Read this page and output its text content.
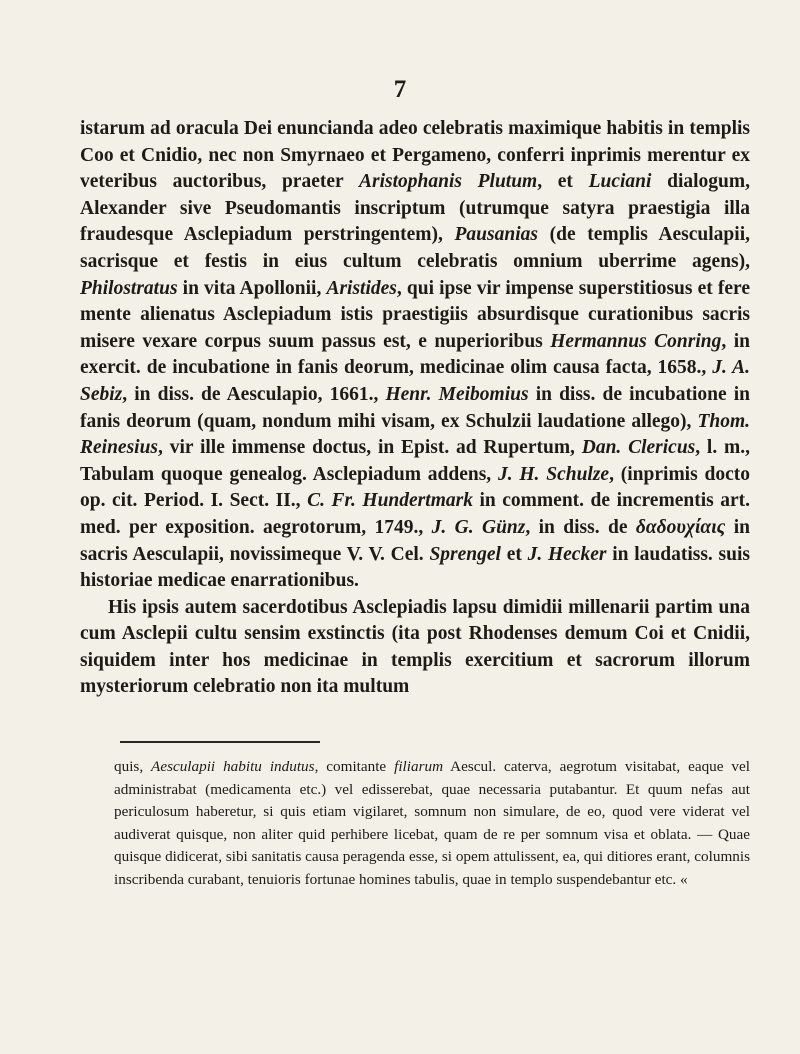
7

istarum ad oracula Dei enuncianda adeo celebratis maximique habitis in templis Coo et Cnidio, nec non Smyrnaeo et Pergameno, conferri inprimis merentur ex veteribus auctoribus, praeter Aristophanis Plutum, et Luciani dialogum, Alexander sive Pseudomantis inscriptum (utrumque satyra praestigia illa fraudesque Asclepiadum perstringentem), Pausanias (de templis Aesculapii, sacrisque et festis in eius cultum celebratis omnium uberrime agens), Philostratus in vita Apollonii, Aristides, qui ipse vir impense superstitiosus et fere mente alienatus Asclepiadum istis praestigiis absurdisque curationibus sacris misere vexare corpus suum passus est, e nuperioribus Hermannus Conring, in exercit. de incubatione in fanis deorum, medicinae olim causa facta, 1658., J. A. Sebiz, in diss. de Aesculapio, 1661., Henr. Meibomius in diss. de incubatione in fanis deorum (quam, nondum mihi visam, ex Schulzii laudatione allego), Thom. Reinesius, vir ille immense doctus, in Epist. ad Rupertum, Dan. Clericus, l. m., Tabulam quoque genealog. Asclepiadum addens, J. H. Schulze, (inprimis docto op. cit. Period. I. Sect. II., C. Fr. Hundertmark in comment. de incrementis art. med. per exposition. aegrotorum, 1749., J. G. Günz, in diss. de δαδουχίαις in sacris Aesculapii, novissimeque V. V. Cel. Sprengel et J. Hecker in laudatiss. suis historiae medicae enarrationibus.

His ipsis autem sacerdotibus Asclepiadis lapsu dimidii millenarii partim una cum Asclepii cultu sensim exstinctis (ita post Rhodenses demum Coi et Cnidii, siquidem inter hos medicinae in templis exercitium et sacrorum illorum mysteriorum celebratio non ita multum

quis, Aesculapii habitu indutus, comitante filiarum Aescul. caterva, aegrotum visitabat, eaque vel administrabat (medicamenta etc.) vel edisserebat, quae necessaria putabantur. Et quum nefas aut periculosum haberetur, si quis etiam vigilaret, somnum non simulare, de eo, quod vere viderat vel audiverat quisque, non aliter quid perhibere licebat, quam de re per somnum visa et oblata. — Quae quisque didicerat, sibi sanitatis causa peragenda esse, si opem attulissent, ea, qui ditiores erant, columnis inscribenda curabant, tenuioris fortunae homines tabulis, quae in templo suspendebantur etc. «
